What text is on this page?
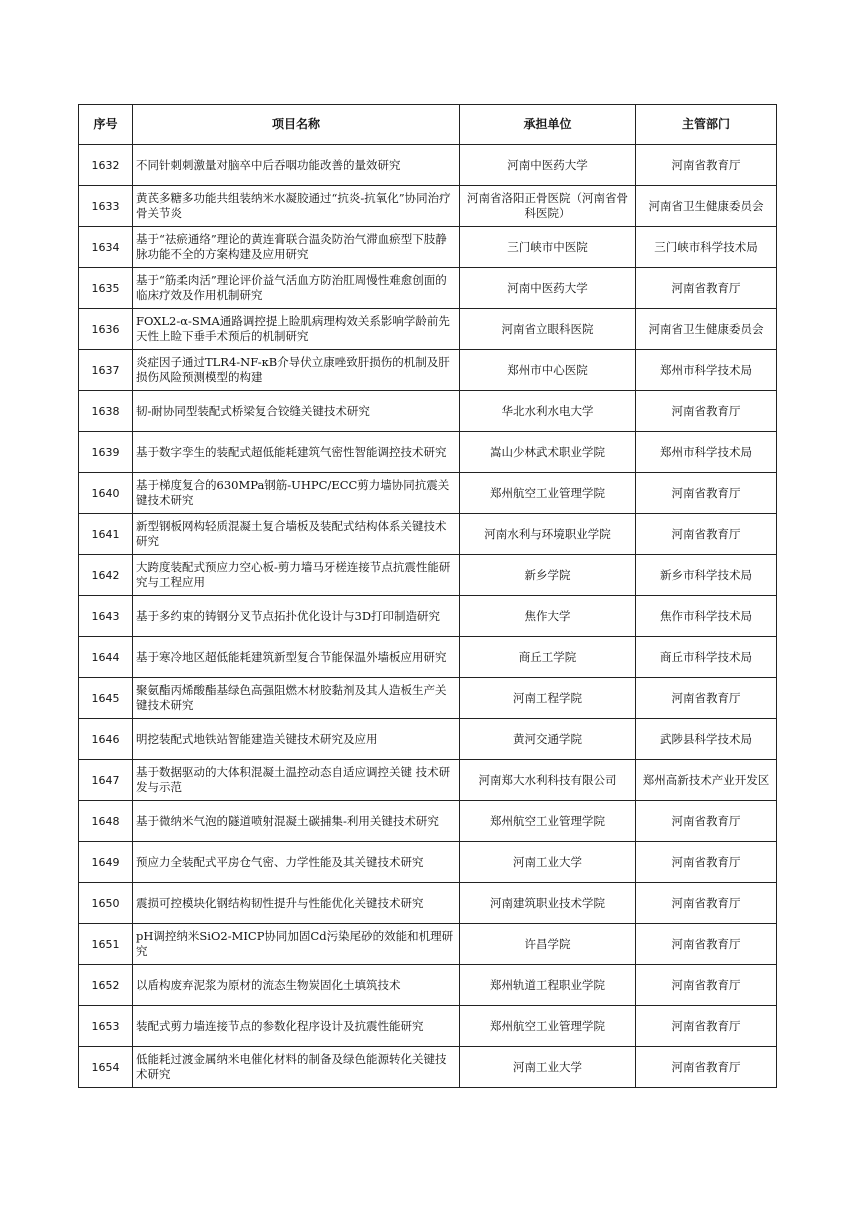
序号	项目名称	承担单位	主管部门
1632	不同针刺刺激量对脑卒中后吞咽功能改善的量效研究	河南中医药大学	河南省教育厅
1633	黄芪多糖多功能共组装纳米水凝胶通过“抗炎-抗氧化”协同治疗骨关节炎	河南省洛阳正骨医院（河南省骨科医院）	河南省卫生健康委员会
1634	基于“祛瘀通络”理论的黄连膏联合温灸防治气滞血瘀型下肢静脉功能不全的方案构建及应用研究	三门峡市中医院	三门峡市科学技术局
1635	基于“筋柔肉活”理论评价益气活血方防治肛周慢性难愈创面的临床疗效及作用机制研究	河南中医药大学	河南省教育厅
1636	FOXL2-α-SMA通路调控提上睑肌病理构效关系影响学龄前先天性上睑下垂手术预后的机制研究	河南省立眼科医院	河南省卫生健康委员会
1637	炎症因子通过TLR4-NF-κB介导伏立康唑致肝损伤的机制及肝损伤风险预测模型的构建	郑州市中心医院	郑州市科学技术局
1638	韧-耐协同型装配式桥梁复合铰缝关键技术研究	华北水利水电大学	河南省教育厅
1639	基于数字孪生的装配式超低能耗建筑气密性智能调控技术研究	嵩山少林武术职业学院	郑州市科学技术局
1640	基于梯度复合的630MPa钢筋-UHPC/ECC剪力墙协同抗震关键技术研究	郑州航空工业管理学院	河南省教育厅
1641	新型钢板网构轻质混凝土复合墙板及装配式结构体系关键技术研究	河南水利与环境职业学院	河南省教育厅
1642	大跨度装配式预应力空心板-剪力墙马牙槎连接节点抗震性能研究与工程应用	新乡学院	新乡市科学技术局
1643	基于多约束的铸钢分叉节点拓扑优化设计与3D打印制造研究	焦作大学	焦作市科学技术局
1644	基于寒冷地区超低能耗建筑新型复合节能保温外墙板应用研究	商丘工学院	商丘市科学技术局
1645	聚氨酯丙烯酸酯基绿色高强阻燃木材胶黏剂及其人造板生产关键技术研究	河南工程学院	河南省教育厅
1646	明挖装配式地铁站智能建造关键技术研究及应用	黄河交通学院	武陟县科学技术局
1647	基于数据驱动的大体积混凝土温控动态自适应调控关键 技术研发与示范	河南郑大水利科技有限公司	郑州高新技术产业开发区
1648	基于微纳米气泡的隧道喷射混凝土碳捕集-利用关键技术研究	郑州航空工业管理学院	河南省教育厅
1649	预应力全装配式平房仓气密、力学性能及其关键技术研究	河南工业大学	河南省教育厅
1650	震损可控模块化钢结构韧性提升与性能优化关键技术研究	河南建筑职业技术学院	河南省教育厅
1651	pH调控纳米SiO2-MICP协同加固Cd污染尾砂的效能和机理研究	许昌学院	河南省教育厅
1652	以盾构废弃泥浆为原材的流态生物炭固化土填筑技术	郑州轨道工程职业学院	河南省教育厅
1653	装配式剪力墙连接节点的参数化程序设计及抗震性能研究	郑州航空工业管理学院	河南省教育厅
1654	低能耗过渡金属纳米电催化材料的制备及绿色能源转化关键技术研究	河南工业大学	河南省教育厅
